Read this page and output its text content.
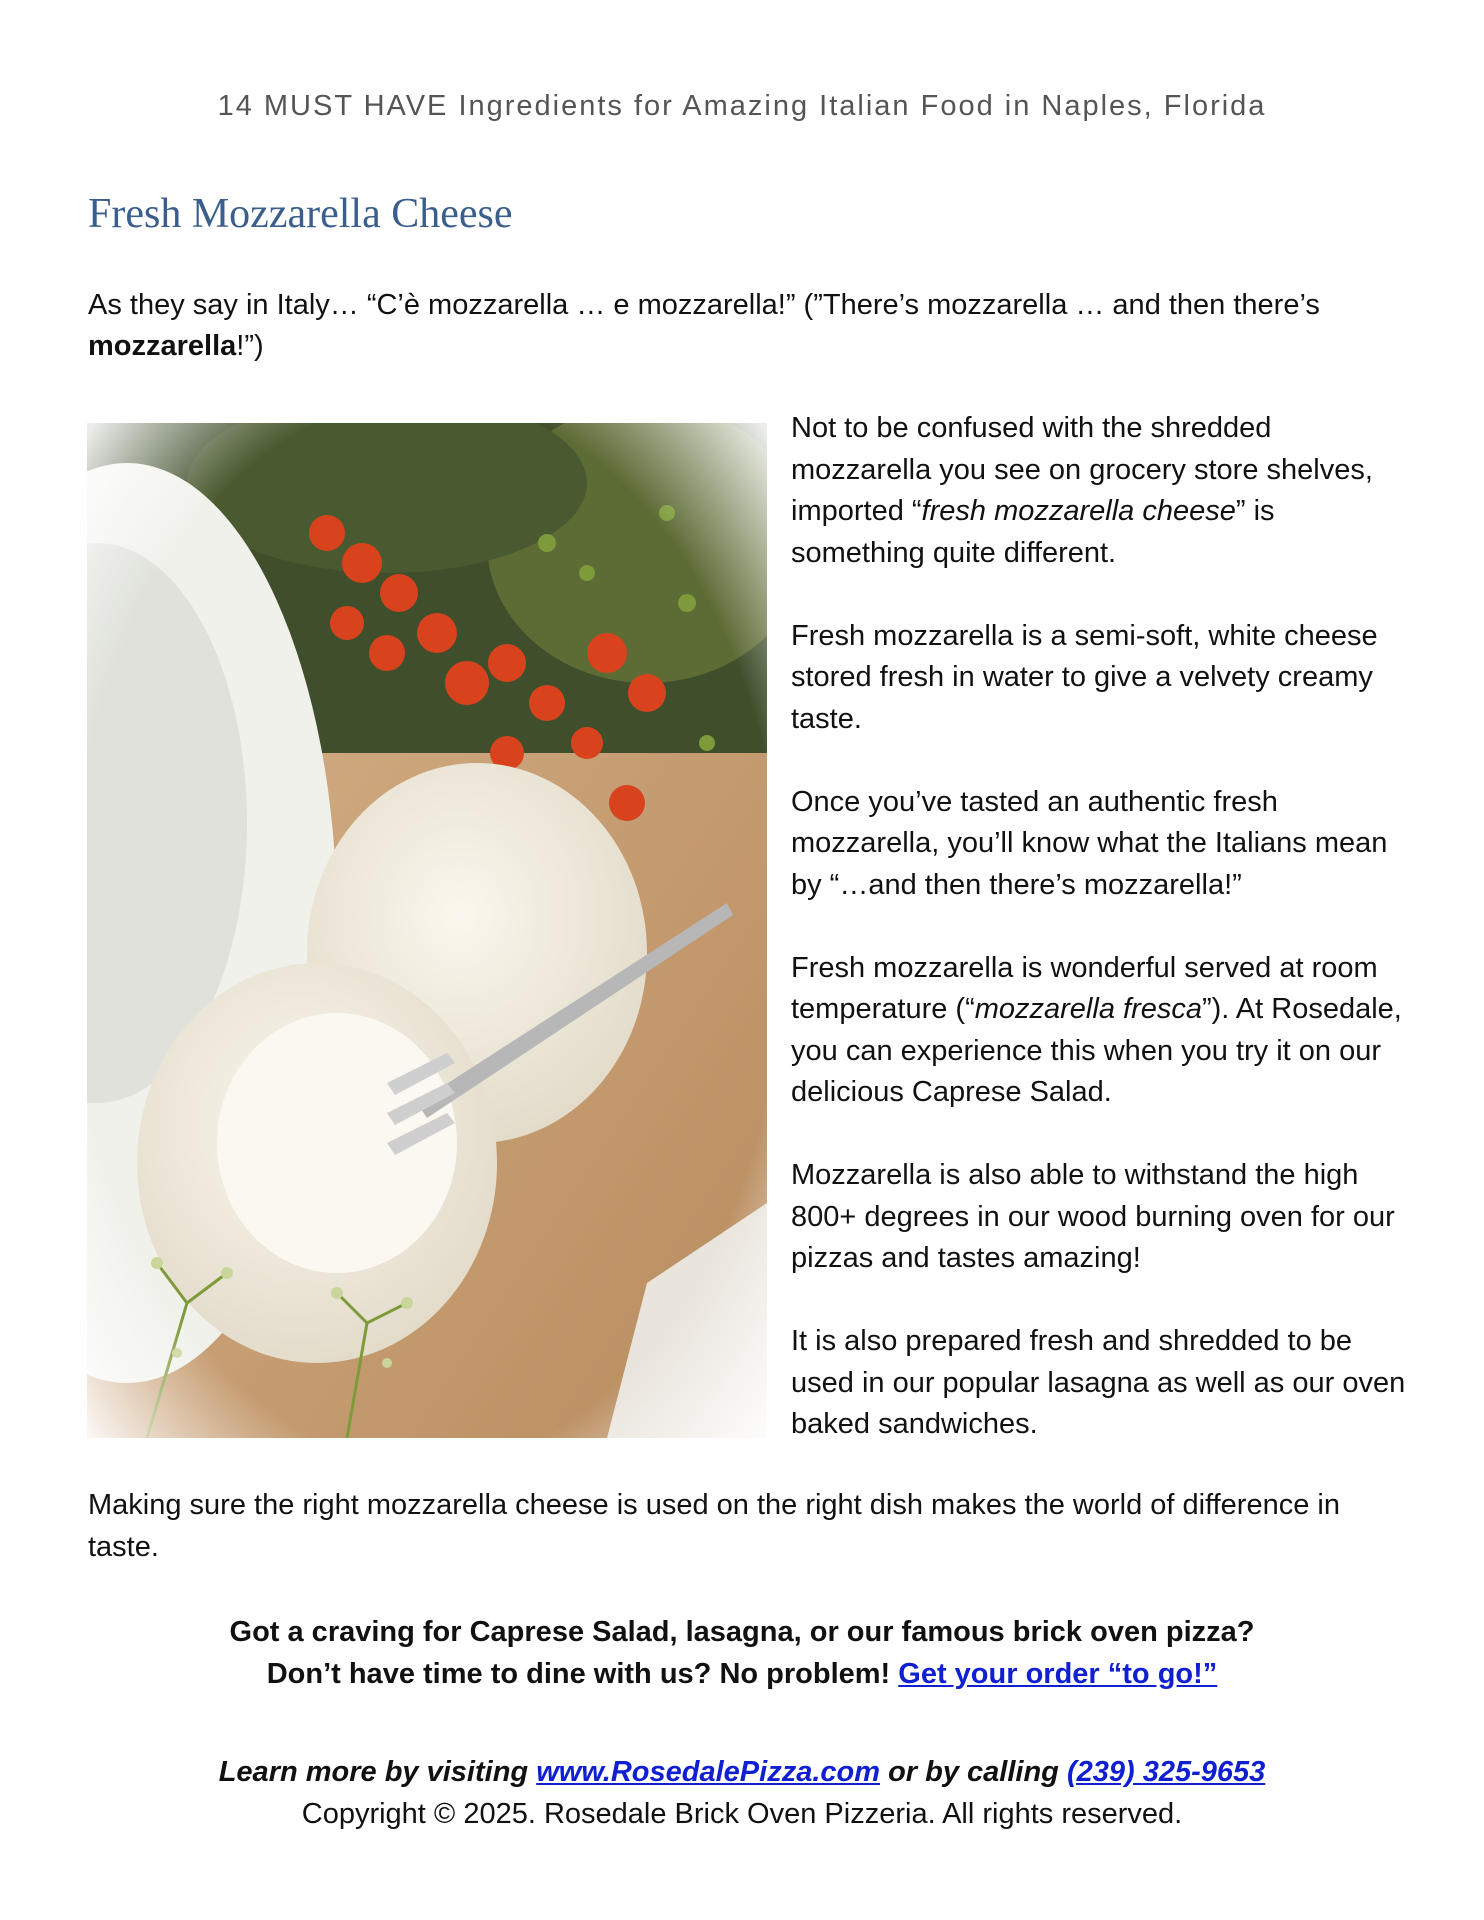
14 MUST HAVE Ingredients for Amazing Italian Food in Naples, Florida
Fresh Mozzarella Cheese
As they say in Italy… “C’è mozzarella … e mozzarella!” (”There’s mozzarella … and then there’s mozzarella!”)

Not to be confused with the shredded mozzarella you see on grocery store shelves, imported “fresh mozzarella cheese” is something quite different.

Fresh mozzarella is a semi-soft, white cheese stored fresh in water to give a velvety creamy taste.

Once you’ve tasted an authentic fresh mozzarella, you’ll know what the Italians mean by “…and then there’s mozzarella!”

Fresh mozzarella is wonderful served at room temperature (“mozzarella fresca”). At Rosedale, you can experience this when you try it on our delicious Caprese Salad.

Mozzarella is also able to withstand the high 800+ degrees in our wood burning oven for our pizzas and tastes amazing!

It is also prepared fresh and shredded to be used in our popular lasagna as well as our oven baked sandwiches.

Making sure the right mozzarella cheese is used on the right dish makes the world of difference in taste.
Got a craving for Caprese Salad, lasagna, or our famous brick oven pizza?
Don’t have time to dine with us? No problem! Get your order “to go!”
Learn more by visiting www.RosedalePizza.com or by calling (239) 325-9653
Copyright © 2025. Rosedale Brick Oven Pizzeria. All rights reserved.
